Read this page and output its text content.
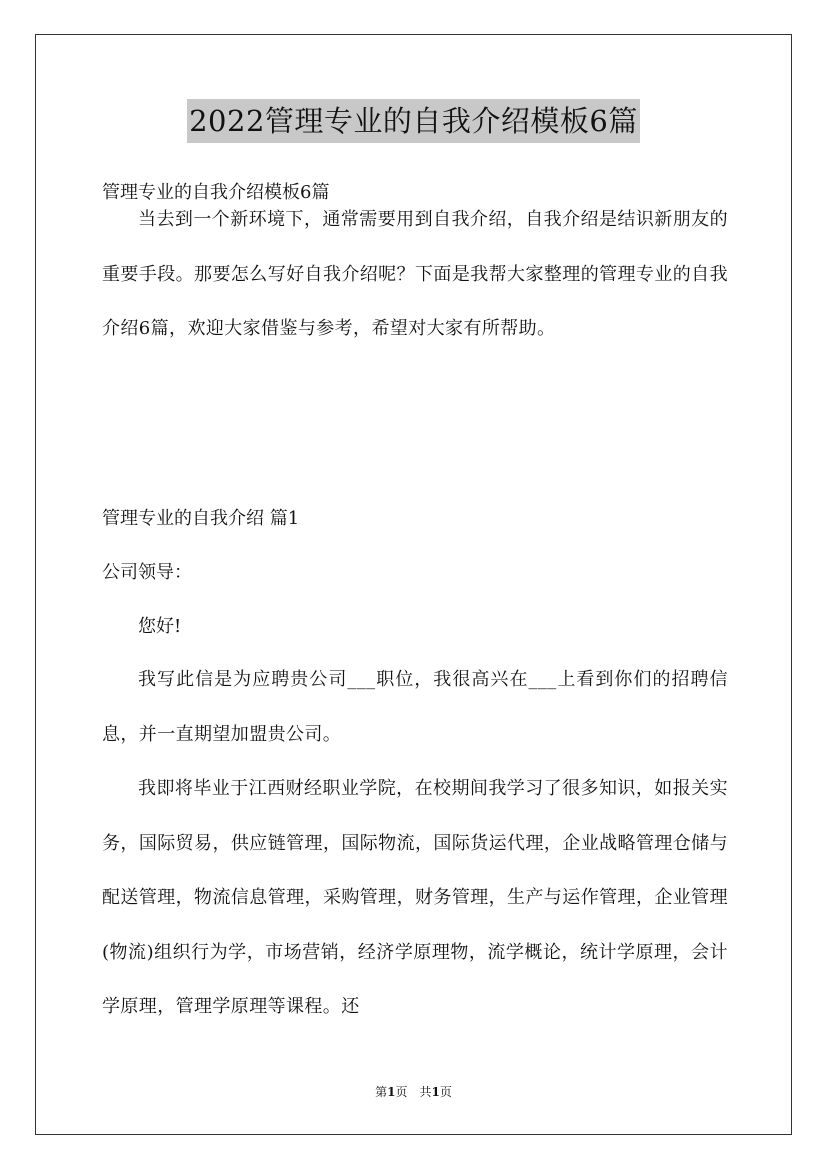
2022管理专业的自我介绍模板6篇

管理专业的自我介绍模板6篇

当去到一个新环境下，通常需要用到自我介绍，自我介绍是结识新朋友的重要手段。那要怎么写好自我介绍呢？下面是我帮大家整理的管理专业的自我介绍6篇，欢迎大家借鉴与参考，希望对大家有所帮助。

管理专业的自我介绍 篇1

公司领导：

您好!

我写此信是为应聘贵公司___职位，我很高兴在___上看到你们的招聘信息，并一直期望加盟贵公司。

我即将毕业于江西财经职业学院，在校期间我学习了很多知识，如报关实务，国际贸易，供应链管理，国际物流，国际货运代理，企业战略管理仓储与配送管理，物流信息管理，采购管理，财务管理，生产与运作管理，企业管理(物流)组织行为学，市场营销，经济学原理物，流学概论，统计学原理，会计学原理，管理学原理等课程。还

第1页　共1页
